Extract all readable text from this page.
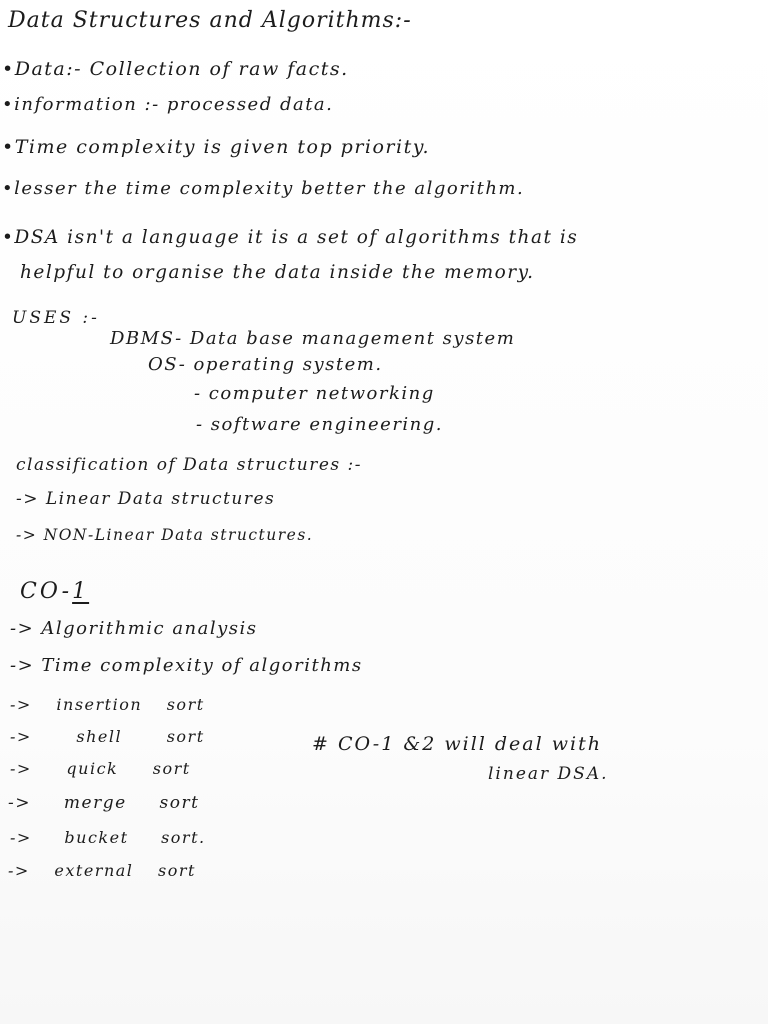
Data Structures and Algorithms:-
•Data:- Collection of raw facts.
•information :- processed data.
•Time complexity is given top priority.
•lesser the time complexity better the algorithm.
•DSA isn't a language it is a set of algorithms that is
helpful to organise the data inside the memory.
USES :-
DBMS- Data base management system
OS- operating system.
- computer networking
- software engineering.
classification of Data structures :-
-> Linear Data structures
-> NON-Linear Data structures.
CO-1
-> Algorithmic analysis
-> Time complexity of algorithms
-> insertion sort
-> shell sort
-> quick sort
-> merge sort
-> bucket sort.
-> external sort
# CO-1 &2 will deal with
linear DSA.
